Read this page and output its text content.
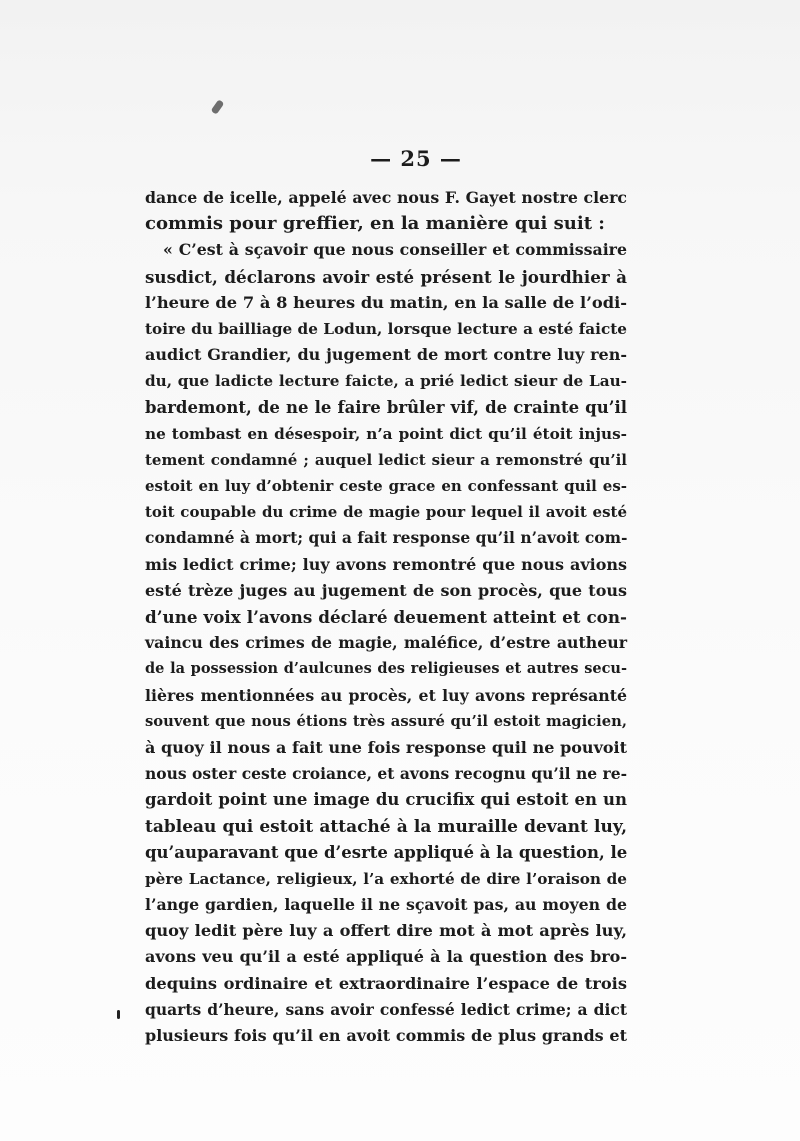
— 25 —
dance de icelle, appelé avec nous F. Gayet nostre clerc
commis pour greffier, en la manière qui suit :
« C’est à sçavoir que nous conseiller et commissaire
susdict, déclarons avoir esté présent le jourdhier à
l’heure de 7 à 8 heures du matin, en la salle de l’odi-
toire du bailliage de Lodun, lorsque lecture a esté faicte
audict Grandier, du jugement de mort contre luy ren-
du, que ladicte lecture faicte, a prié ledict sieur de Lau-
bardemont, de ne le faire brûler vif, de crainte qu’il
ne tombast en désespoir, n’a point dict qu’il étoit injus-
tement condamné ; auquel ledict sieur a remonstré qu’il
estoit en luy d’obtenir ceste grace en confessant quil es-
toit coupable du crime de magie pour lequel il avoit esté
condamné à mort; qui a fait response qu’il n’avoit com-
mis ledict crime; luy avons remontré que nous avions
esté trèze juges au jugement de son procès, que tous
d’une voix l’avons déclaré deuement atteint et con-
vaincu des crimes de magie, maléfice, d’estre autheur
de la possession d’aulcunes des religieuses et autres secu-
lières mentionnées au procès, et luy avons représanté
souvent que nous étions très assuré qu’il estoit magicien,
à quoy il nous a fait une fois response quil ne pouvoit
nous oster ceste croiance, et avons recognu qu’il ne re-
gardoit point une image du crucifix qui estoit en un
tableau qui estoit attaché à la muraille devant luy,
qu’auparavant que d’esrte appliqué à la question, le
père Lactance, religieux, l’a exhorté de dire l’oraison de
l’ange gardien, laquelle il ne sçavoit pas, au moyen de
quoy ledit père luy a offert dire mot à mot après luy,
avons veu qu’il a esté appliqué à la question des bro-
dequins ordinaire et extraordinaire l’espace de trois
quarts d’heure, sans avoir confessé ledict crime; a dict
plusieurs fois qu’il en avoit commis de plus grands et
